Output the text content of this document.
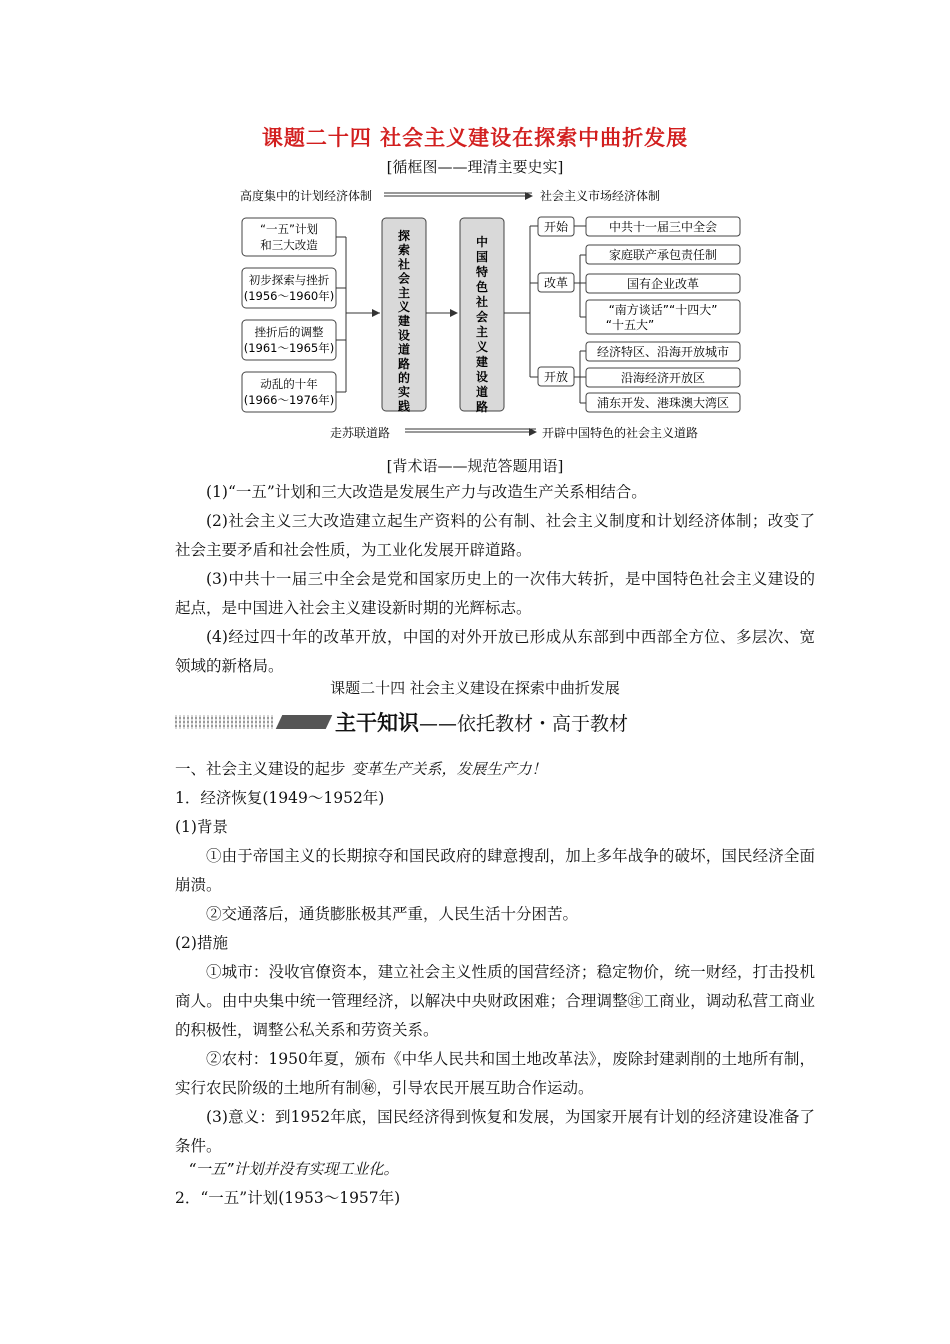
课题二十四 社会主义建设在探索中曲折发展
[循框图——理清主要史实]
高度集中的计划经济体制	社会主义市场经济体制
“一五”计划
和三大改造
初步探索与挫折
(1956～1960年)
挫折后的调整
(1961～1965年)
动乱的十年
(1966～1976年)
探
索
社
会
主
义
建
设
道
路
的
实
践
中
国
特
色
社
会
主
义
建
设
道
路
开始
改革
开放
中共十一届三中全会
家庭联产承包责任制
国有企业改革
“南方谈话”“十四大”
“十五大”
经济特区、沿海开放城市
沿海经济开放区
浦东开发、港珠澳大湾区
走苏联道路	开辟中国特色的社会主义道路
[背术语——规范答题用语]
(1)“一五”计划和三大改造是发展生产力与改造生产关系相结合。
(2)社会主义三大改造建立起生产资料的公有制、社会主义制度和计划经济体制；改变了社会主要矛盾和社会性质，为工业化发展开辟道路。
(3)中共十一届三中全会是党和国家历史上的一次伟大转折，是中国特色社会主义建设的起点，是中国进入社会主义建设新时期的光辉标志。
(4)经过四十年的改革开放，中国的对外开放已形成从东部到中西部全方位、多层次、宽领域的新格局。
课题二十四 社会主义建设在探索中曲折发展
主干知识——依托教材・高于教材
一、社会主义建设的起步 变革生产关系，发展生产力！
1．经济恢复(1949～1952年)
(1)背景
①由于帝国主义的长期掠夺和国民政府的肆意搜刮，加上多年战争的破坏，国民经济全面崩溃。
②交通落后，通货膨胀极其严重，人民生活十分困苦。
(2)措施
①城市：没收官僚资本，建立社会主义性质的国营经济；稳定物价，统一财经，打击投机商人。由中央集中统一管理经济，以解决中央财政困难；合理调整㊟工商业，调动私营工商业的积极性，调整公私关系和劳资关系。
②农村：1950年夏，颁布《中华人民共和国土地改革法》，废除封建剥削的土地所有制，实行农民阶级的土地所有制㊙，引导农民开展互助合作运动。
(3)意义：到1952年底，国民经济得到恢复和发展，为国家开展有计划的经济建设准备了条件。
“一五”计划并没有实现工业化。
2．“一五”计划(1953～1957年)
